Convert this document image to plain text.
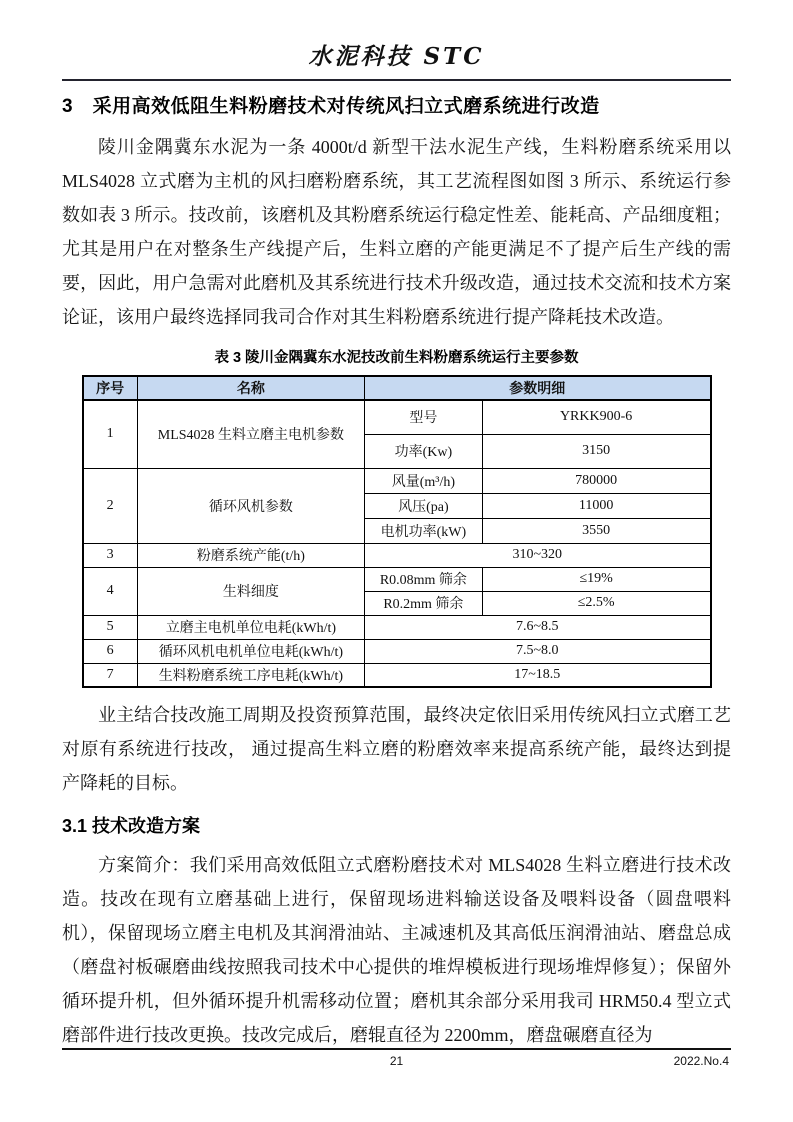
水泥科技 STC
3　采用高效低阻生料粉磨技术对传统风扫立式磨系统进行改造

陵川金隅冀东水泥为一条 4000t/d 新型干法水泥生产线，生料粉磨系统采用以 MLS4028 立式磨为主机的风扫磨粉磨系统，其工艺流程图如图 3 所示、系统运行参数如表 3 所示。技改前，该磨机及其粉磨系统运行稳定性差、能耗高、产品细度粗；尤其是用户在对整条生产线提产后，生料立磨的产能更满足不了提产后生产线的需要，因此，用户急需对此磨机及其系统进行技术升级改造，通过技术交流和技术方案论证，该用户最终选择同我司合作对其生料粉磨系统进行提产降耗技术改造。

表 3 陵川金隅冀东水泥技改前生料粉磨系统运行主要参数
序号	名称	参数明细	
1	MLS4028 生料立磨主电机参数	型号	YRKK900-6
		功率(Kw)	3150
2	循环风机参数	风量(m³/h)	780000
		风压(pa)	11000
		电机功率(kW)	3550
3	粉磨系统产能(t/h)	310~320	
4	生料细度	R0.08mm 筛余	≤19%
		R0.2mm 筛余	≤2.5%
5	立磨主电机单位电耗(kWh/t)	7.6~8.5	
6	循环风机电机单位电耗(kWh/t)	7.5~8.0	
7	生料粉磨系统工序电耗(kWh/t)	17~18.5	

业主结合技改施工周期及投资预算范围，最终决定依旧采用传统风扫立式磨工艺对原有系统进行技改， 通过提高生料立磨的粉磨效率来提高系统产能，最终达到提产降耗的目标。

3.1 技术改造方案

方案简介：我们采用高效低阻立式磨粉磨技术对 MLS4028 生料立磨进行技术改造。技改在现有立磨基础上进行，保留现场进料输送设备及喂料设备（圆盘喂料机），保留现场立磨主电机及其润滑油站、主减速机及其高低压润滑油站、磨盘总成（磨盘衬板碾磨曲线按照我司技术中心提供的堆焊模板进行现场堆焊修复）；保留外循环提升机，但外循环提升机需移动位置；磨机其余部分采用我司 HRM50.4 型立式磨部件进行技改更换。技改完成后，磨辊直径为 2200mm，磨盘碾磨直径为

21	2022.No.4
